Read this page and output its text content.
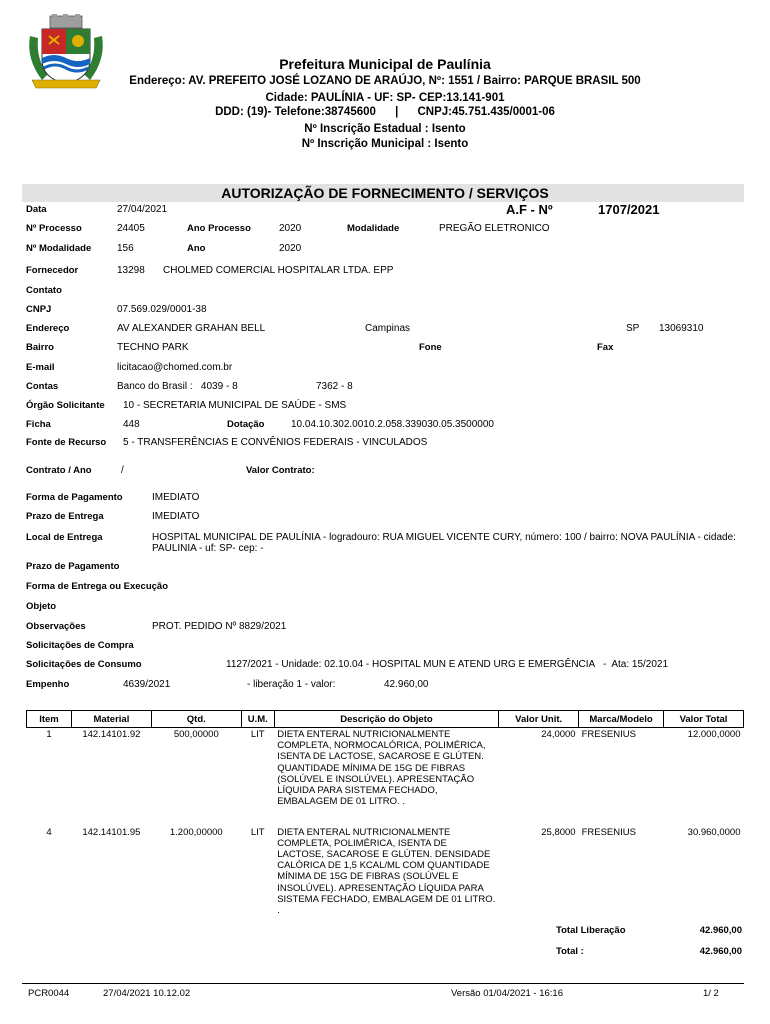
Prefeitura Municipal de Paulínia
Endereço: AV. PREFEITO JOSÉ LOZANO DE ARAÚJO, Nº: 1551 / Bairro: PARQUE BRASIL 500
Cidade: PAULÍNIA - UF: SP- CEP:13.141-901
DDD: (19)- Telefone:38745600      |      CNPJ:45.751.435/0001-06
Nº Inscrição Estadual : Isento
Nº Inscrição Municipal : Isento
AUTORIZAÇÃO DE FORNECIMENTO / SERVIÇOS
A.F - Nº	1707/2021
Data	27/04/2021
Nº Processo	24405	Ano Processo	2020	Modalidade	PREGÃO ELETRONICO
Nº Modalidade	156	Ano	2020
Fornecedor	13298 CHOLMED COMERCIAL HOSPITALAR LTDA. EPP
Contato
CNPJ	07.569.029/0001-38
Endereço	AV ALEXANDER GRAHAN BELL	Campinas	SP 13069310
Bairro	TECHNO PARK	Fone	Fax
E-mail	licitacao@chomed.com.br
Contas	Banco do Brasil :   4039 - 8	7362 - 8
Órgão Solicitante 10 - SECRETARIA MUNICIPAL DE SAÚDE - SMS
Ficha	448	Dotação	10.04.10.302.0010.2.058.339030.05.3500000
Fonte de Recurso 5 - TRANSFERÊNCIAS E CONVÊNIOS FEDERAIS - VINCULADOS
Contrato / Ano	/	Valor Contrato:
Forma de Pagamento	IMEDIATO
Prazo de Entrega	IMEDIATO
Local de Entrega	HOSPITAL MUNICIPAL DE PAULÍNIA - logradouro: RUA MIGUEL VICENTE CURY, número: 100 / bairro: NOVA PAULÍNIA - cidade: PAULINIA - uf: SP- cep: -
Prazo de Pagamento
Forma de Entrega ou Execução
Objeto
Observações	PROT. PEDIDO Nº 8829/2021
Solicitações de Compra
Solicitações de Consumo	1127/2021 - Unidade: 02.10.04 - HOSPITAL MUN E ATEND URG E EMERGÊNCIA   -  Ata: 15/2021
Empenho	4639/2021	- liberação 1 - valor:	42.960,00
Item	Material	Qtd.	U.M.	Descrição do Objeto	Valor Unit.	Marca/Modelo	Valor Total
1	142.14101.92	500,00000	LIT	DIETA ENTERAL NUTRICIONALMENTE COMPLETA, NORMOCALÓRICA, POLIMÉRICA, ISENTA DE LACTOSE, SACAROSE E GLÚTEN. QUANTIDADE MÍNIMA DE 15G DE FIBRAS (SOLÚVEL E INSOLÚVEL). APRESENTAÇÃO LÍQUIDA PARA SISTEMA FECHADO, EMBALAGEM DE 01 LITRO. .	24,0000	FRESENIUS	12.000,0000
4	142.14101.95	1.200,00000	LIT	DIETA ENTERAL NUTRICIONALMENTE COMPLETA, POLIMÉRICA, ISENTA DE LACTOSE, SACAROSE E GLÚTEN. DENSIDADE CALÓRICA DE 1,5 KCAL/ML COM QUANTIDADE MÍNIMA DE 15G DE FIBRAS (SOLÚVEL E INSOLÚVEL). APRESENTAÇÃO LÍQUIDA PARA SISTEMA FECHADO, EMBALAGEM DE 01 LITRO. .	25,8000	FRESENIUS	30.960,0000
Total Liberação	42.960,00
Total :	42.960,00
PCR0044	27/04/2021 10.12.02	Versão 01/04/2021 - 16:16	1/ 2
